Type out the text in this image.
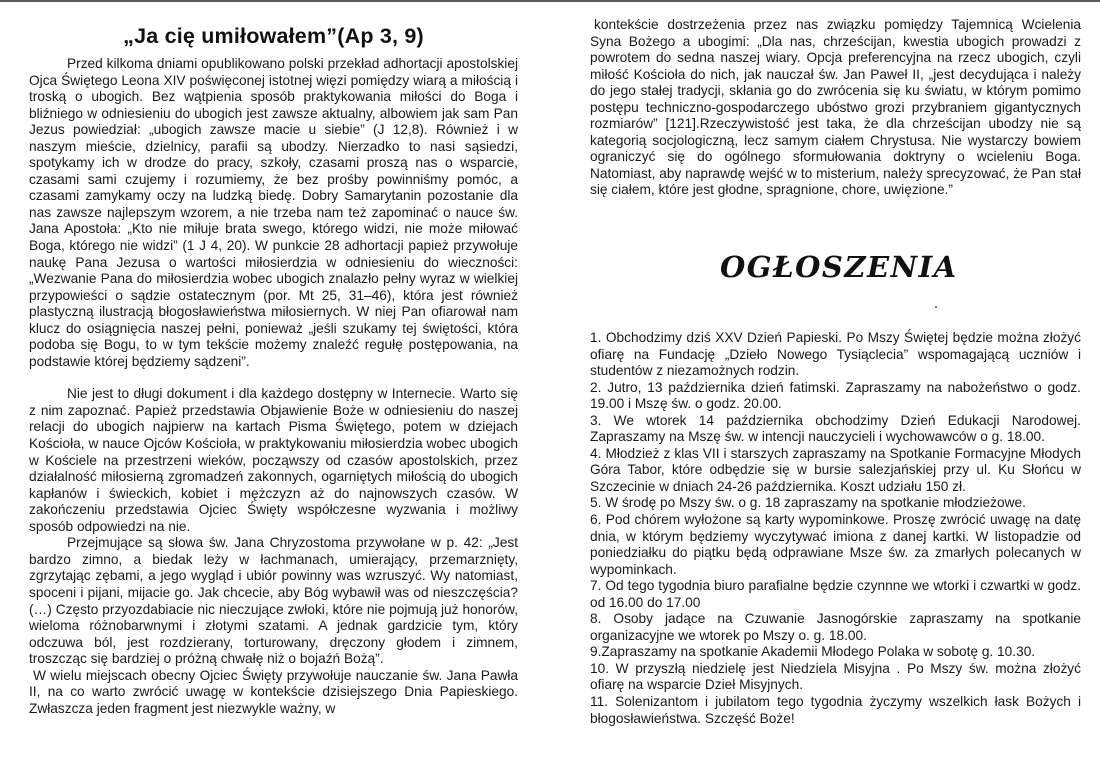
„Ja cię umiłowałem”(Ap 3, 9)

Przed kilkoma dniami opublikowano polski przekład adhortacji apostolskiej Ojca Świętego Leona XIV poświęconej istotnej więzi pomiędzy wiarą a miłością i troską o ubogich. Bez wątpienia sposób praktykowania miłości do Boga i bliźniego w odniesieniu do ubogich jest zawsze aktualny, albowiem jak sam Pan Jezus powiedział: „ubogich zawsze macie u siebie” (J 12,8). Również i w naszym mieście, dzielnicy, parafii są ubodzy. Nierzadko to nasi sąsiedzi, spotykamy ich w drodze do pracy, szkoły, czasami proszą nas o wsparcie, czasami sami czujemy i rozumiemy, że bez prośby powinniśmy pomóc, a czasami zamykamy oczy na ludzką biedę. Dobry Samarytanin pozostanie dla nas zawsze najlepszym wzorem, a nie trzeba nam też zapominać o nauce św. Jana Apostoła: „Kto nie miłuje brata swego, którego widzi, nie może miłować Boga, którego nie widzi” (1 J 4, 20). W punkcie 28 adhortacji papież przywołuje naukę Pana Jezusa o wartości miłosierdzia w odniesieniu do wieczności: „Wezwanie Pana do miłosierdzia wobec ubogich znalazło pełny wyraz w wielkiej przypowieści o sądzie ostatecznym (por. Mt 25, 31–46), która jest również plastyczną ilustracją błogosławieństwa miłosiernych. W niej Pan ofiarował nam klucz do osiągnięcia naszej pełni, ponieważ „jeśli szukamy tej świętości, która podoba się Bogu, to w tym tekście możemy znaleźć regułę postępowania, na podstawie której będziemy sądzeni”.

Nie jest to długi dokument i dla każdego dostępny w Internecie. Warto się z nim zapoznać. Papież przedstawia Objawienie Boże w odniesieniu do naszej relacji do ubogich najpierw na kartach Pisma Świętego, potem w dziejach Kościoła, w nauce Ojców Kościoła, w praktykowaniu miłosierdzia wobec ubogich w Kościele na przestrzeni wieków, począwszy od czasów apostolskich, przez działalność miłosierną zgromadzeń zakonnych, ogarniętych miłością do ubogich kapłanów i świeckich, kobiet i mężczyzn aż do najnowszych czasów. W zakończeniu przedstawia Ojciec Święty współczesne wyzwania i możliwy sposób odpowiedzi na nie.

Przejmujące są słowa św. Jana Chryzostoma przywołane w p. 42: „Jest bardzo zimno, a biedak leży w łachmanach, umierający, przemarznięty, zgrzytając zębami, a jego wygląd i ubiór powinny was wzruszyć. Wy natomiast, spoceni i pijani, mijacie go. Jak chcecie, aby Bóg wybawił was od nieszczęścia? (…) Często przyozdabiacie nic nieczujące zwłoki, które nie pojmują już honorów, wieloma różnobarwnymi i złotymi szatami. A jednak gardzicie tym, który odczuwa ból, jest rozdzierany, torturowany, dręczony głodem i zimnem, troszcząc się bardziej o próżną chwałę niż o bojaźń Bożą”.

W wielu miejscach obecny Ojciec Święty przywołuje nauczanie św. Jana Pawła II, na co warto zwrócić uwagę w kontekście dzisiejszego Dnia Papieskiego. Zwłaszcza jeden fragment jest niezwykle ważny, w

kontekście dostrzeżenia przez nas związku pomiędzy Tajemnicą Wcielenia Syna Bożego a ubogimi: „Dla nas, chrześcijan, kwestia ubogich prowadzi z powrotem do sedna naszej wiary. Opcja preferencyjna na rzecz ubogich, czyli miłość Kościoła do nich, jak nauczał św. Jan Paweł II, „jest decydująca i należy do jego stałej tradycji, skłania go do zwrócenia się ku światu, w którym pomimo postępu techniczno-gospodarczego ubóstwo grozi przybraniem gigantycznych rozmiarów” [121].Rzeczywistość jest taka, że dla chrześcijan ubodzy nie są kategorią socjologiczną, lecz samym ciałem Chrystusa. Nie wystarczy bowiem ograniczyć się do ogólnego sformułowania doktryny o wcieleniu Boga. Natomiast, aby naprawdę wejść w to misterium, należy sprecyzować, że Pan stał się ciałem, które jest głodne, spragnione, chore, uwięzione.”

OGŁOSZENIA

1. Obchodzimy dziś XXV Dzień Papieski. Po Mszy Świętej będzie można złożyć ofiarę na Fundację „Dzieło Nowego Tysiąclecia” wspomagającą uczniów i studentów z niezamożnych rodzin.

2. Jutro, 13 października dzień fatimski. Zapraszamy na nabożeństwo o godz. 19.00 i Mszę św. o godz. 20.00.

3. We wtorek 14 października obchodzimy Dzień Edukacji Narodowej. Zapraszamy na Mszę św. w intencji nauczycieli i wychowawców o g. 18.00.

4. Młodzież z klas VII i starszych zapraszamy na Spotkanie Formacyjne Młodych Góra Tabor, które odbędzie się w bursie salezjańskiej przy ul. Ku Słońcu w Szczecinie w dniach 24-26 października. Koszt udziału 150 zł.

5. W środę po Mszy św. o g. 18 zapraszamy na spotkanie młodzieżowe.

6. Pod chórem wyłożone są karty wypominkowe. Proszę zwrócić uwagę na datę dnia, w którym będziemy wyczytywać imiona z danej kartki. W listopadzie od poniedziałku do piątku będą odprawiane Msze św. za zmarłych polecanych w wypominkach.

7. Od tego tygodnia biuro parafialne będzie czynnne we wtorki i czwartki w godz. od 16.00 do 17.00

8. Osoby jadące na Czuwanie Jasnogórskie zapraszamy na spotkanie organizacyjne we wtorek po Mszy o. g. 18.00.

9.Zapraszamy na spotkanie Akademii Młodego Polaka w sobotę g. 10.30.

10. W przyszłą niedzielę jest Niedziela Misyjna . Po Mszy św. można złożyć ofiarę na wsparcie Dzieł Misyjnych.

11. Solenizantom i jubilatom tego tygodnia życzymy wszelkich łask Bożych i błogosławieństwa. Szczęść Boże!
